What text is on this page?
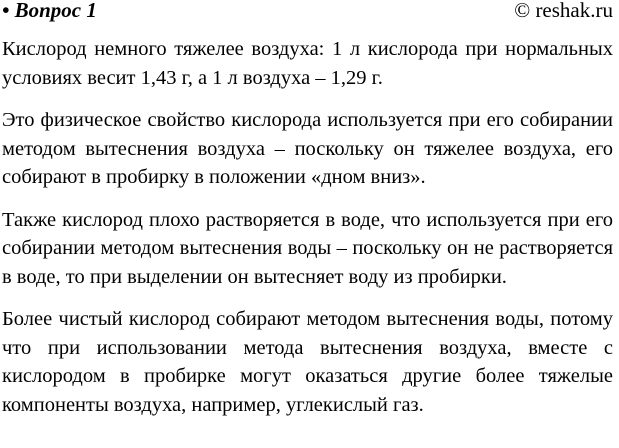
• Вопрос 1	© reshak.ru

Кислород немного тяжелее воздуха: 1 л кислорода при нормальных условиях весит 1,43 г, а 1 л воздуха – 1,29 г.

Это физическое свойство кислорода используется при его собирании методом вытеснения воздуха – поскольку он тяжелее воздуха, его собирают в пробирку в положении «дном вниз».

Также кислород плохо растворяется в воде, что используется при его собирании методом вытеснения воды – поскольку он не растворяется в воде, то при выделении он вытесняет воду из пробирки.

Более чистый кислород собирают методом вытеснения воды, потому что при использовании метода вытеснения воздуха, вместе с кислородом в пробирке могут оказаться другие более тяжелые компоненты воздуха, например, углекислый газ.
